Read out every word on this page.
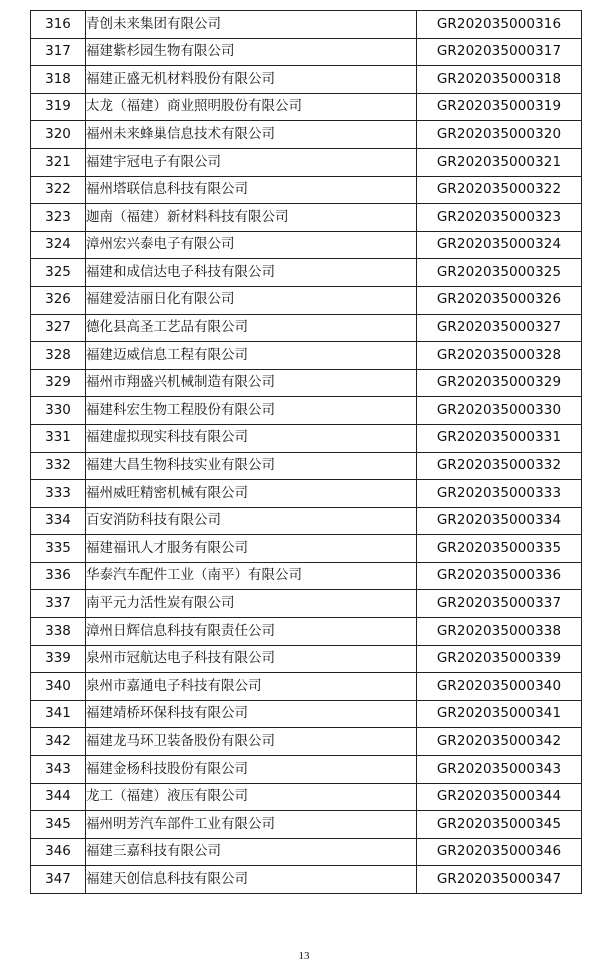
316	青创未来集团有限公司	GR202035000316
317	福建紫杉园生物有限公司	GR202035000317
318	福建正盛无机材料股份有限公司	GR202035000318
319	太龙（福建）商业照明股份有限公司	GR202035000319
320	福州未来蜂巢信息技术有限公司	GR202035000320
321	福建宇冠电子有限公司	GR202035000321
322	福州塔联信息科技有限公司	GR202035000322
323	迦南（福建）新材料科技有限公司	GR202035000323
324	漳州宏兴泰电子有限公司	GR202035000324
325	福建和成信达电子科技有限公司	GR202035000325
326	福建爱洁丽日化有限公司	GR202035000326
327	德化县高圣工艺品有限公司	GR202035000327
328	福建迈威信息工程有限公司	GR202035000328
329	福州市翔盛兴机械制造有限公司	GR202035000329
330	福建科宏生物工程股份有限公司	GR202035000330
331	福建虚拟现实科技有限公司	GR202035000331
332	福建大昌生物科技实业有限公司	GR202035000332
333	福州威旺精密机械有限公司	GR202035000333
334	百安消防科技有限公司	GR202035000334
335	福建福讯人才服务有限公司	GR202035000335
336	华泰汽车配件工业（南平）有限公司	GR202035000336
337	南平元力活性炭有限公司	GR202035000337
338	漳州日辉信息科技有限责任公司	GR202035000338
339	泉州市冠航达电子科技有限公司	GR202035000339
340	泉州市嘉通电子科技有限公司	GR202035000340
341	福建靖桥环保科技有限公司	GR202035000341
342	福建龙马环卫装备股份有限公司	GR202035000342
343	福建金杨科技股份有限公司	GR202035000343
344	龙工（福建）液压有限公司	GR202035000344
345	福州明芳汽车部件工业有限公司	GR202035000345
346	福建三嘉科技有限公司	GR202035000346
347	福建天创信息科技有限公司	GR202035000347
13
